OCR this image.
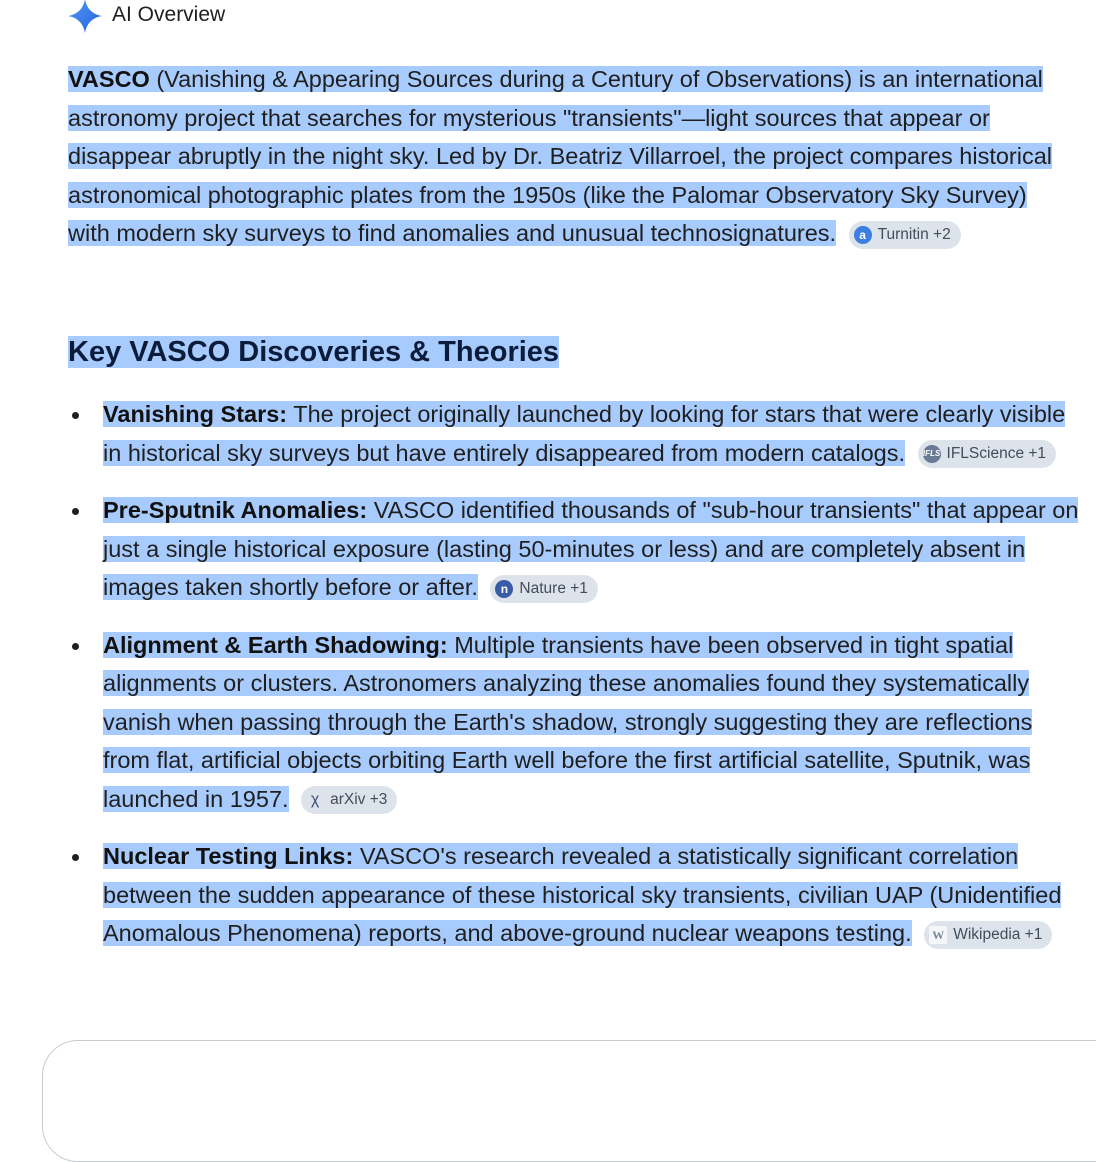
AI Overview

VASCO (Vanishing & Appearing Sources during a Century of Observations) is an international astronomy project that searches for mysterious "transients"—light sources that appear or disappear abruptly in the night sky. Led by Dr. Beatriz Villarroel, the project compares historical astronomical photographic plates from the 1950s (like the Palomar Observatory Sky Survey) with modern sky surveys to find anomalies and unusual technosignatures.	a Turnitin +2

Key VASCO Discoveries & Theories
Vanishing Stars: The project originally launched by looking for stars that were clearly visible in historical sky surveys but have entirely disappeared from modern catalogs. IFLS IFLScience +1
Pre-Sputnik Anomalies: VASCO identified thousands of "sub-hour transients" that appear on just a single historical exposure (lasting 50-minutes or less) and are completely absent in images taken shortly before or after.	n Nature +1
Alignment & Earth Shadowing: Multiple transients have been observed in tight spatial alignments or clusters. Astronomers analyzing these anomalies found they systematically vanish when passing through the Earth's shadow, strongly suggesting they are reflections from flat, artificial objects orbiting Earth well before the first artificial satellite, Sputnik, was launched in 1957. χ arXiv +3
Nuclear Testing Links: VASCO's research revealed a statistically significant correlation between the sudden appearance of these historical sky transients, civilian UAP (Unidentified Anomalous Phenomena) reports, and above-ground nuclear weapons testing. W Wikipedia +1
